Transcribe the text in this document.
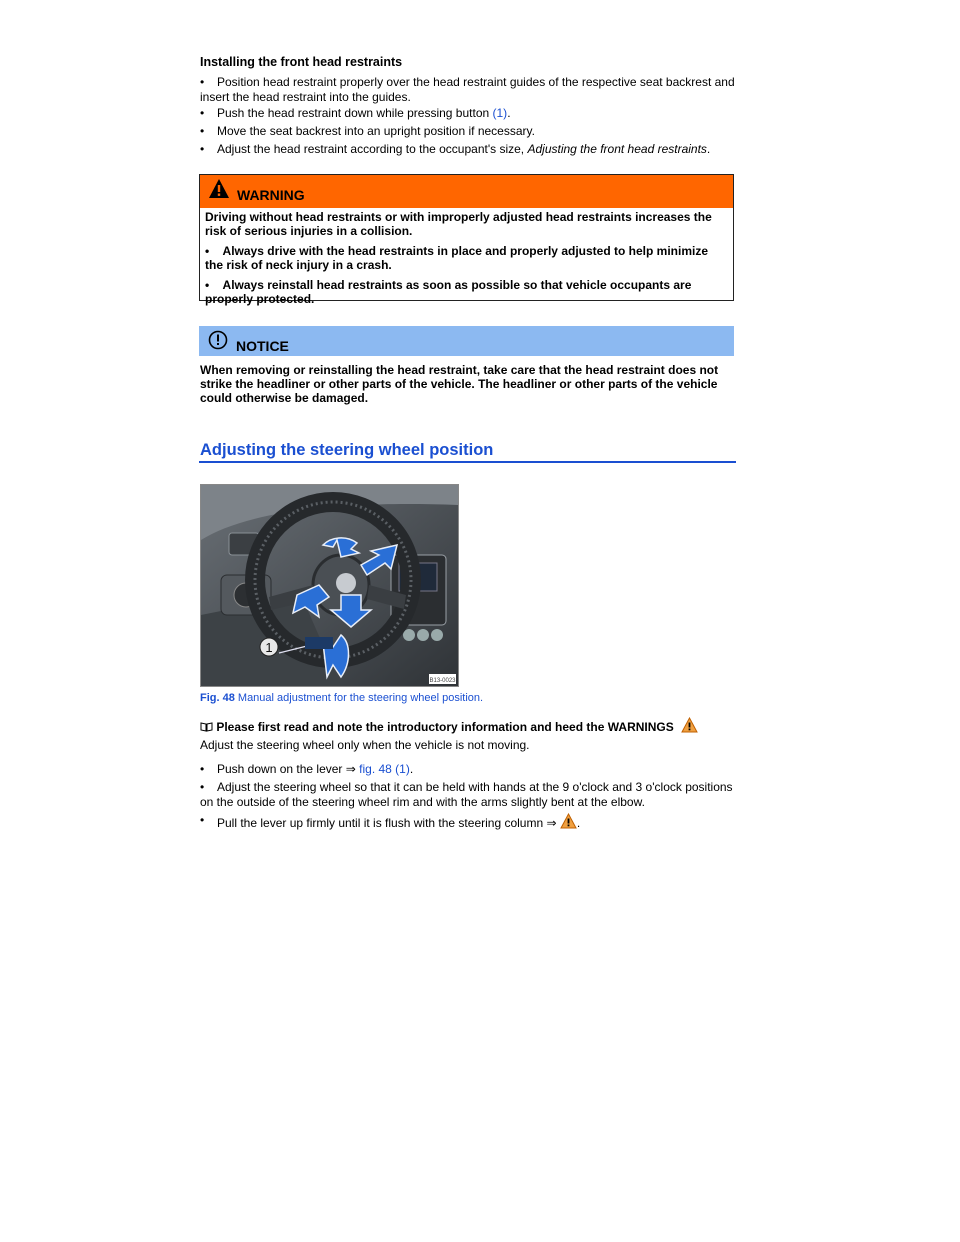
Installing the front head restraints
•	Position head restraint properly over the head restraint guides of the respective seat backrest and insert the head restraint into the guides.
•	Push the head restraint down while pressing button (1).
•	Move the seat backrest into an upright position if necessary.
•	Adjust the head restraint according to the occupant's size, Adjusting the front head restraints.
WARNING

Driving without head restraints or with improperly adjusted head restraints increases the risk of serious injuries in a collision.

• Always drive with the head restraints in place and properly adjusted to help minimize the risk of neck injury in a crash.

• Always reinstall head restraints as soon as possible so that vehicle occupants are properly protected.

NOTICE
When removing or reinstalling the head restraint, take care that the head restraint does not strike the headliner or other parts of the vehicle. The headliner or other parts of the vehicle could otherwise be damaged.
Adjusting the steering wheel position
1
B13-0023
Fig. 48 Manual adjustment for the steering wheel position.
Please first read and note the introductory information and heed the WARNINGS
Adjust the steering wheel only when the vehicle is not moving.
•	Push down on the lever ⇒ fig. 48 (1).
•	Adjust the steering wheel so that it can be held with hands at the 9 o'clock and 3 o'clock positions on the outside of the steering wheel rim and with the arms slightly bent at the elbow.
•	Pull the lever up firmly until it is flush with the steering column ⇒ .
